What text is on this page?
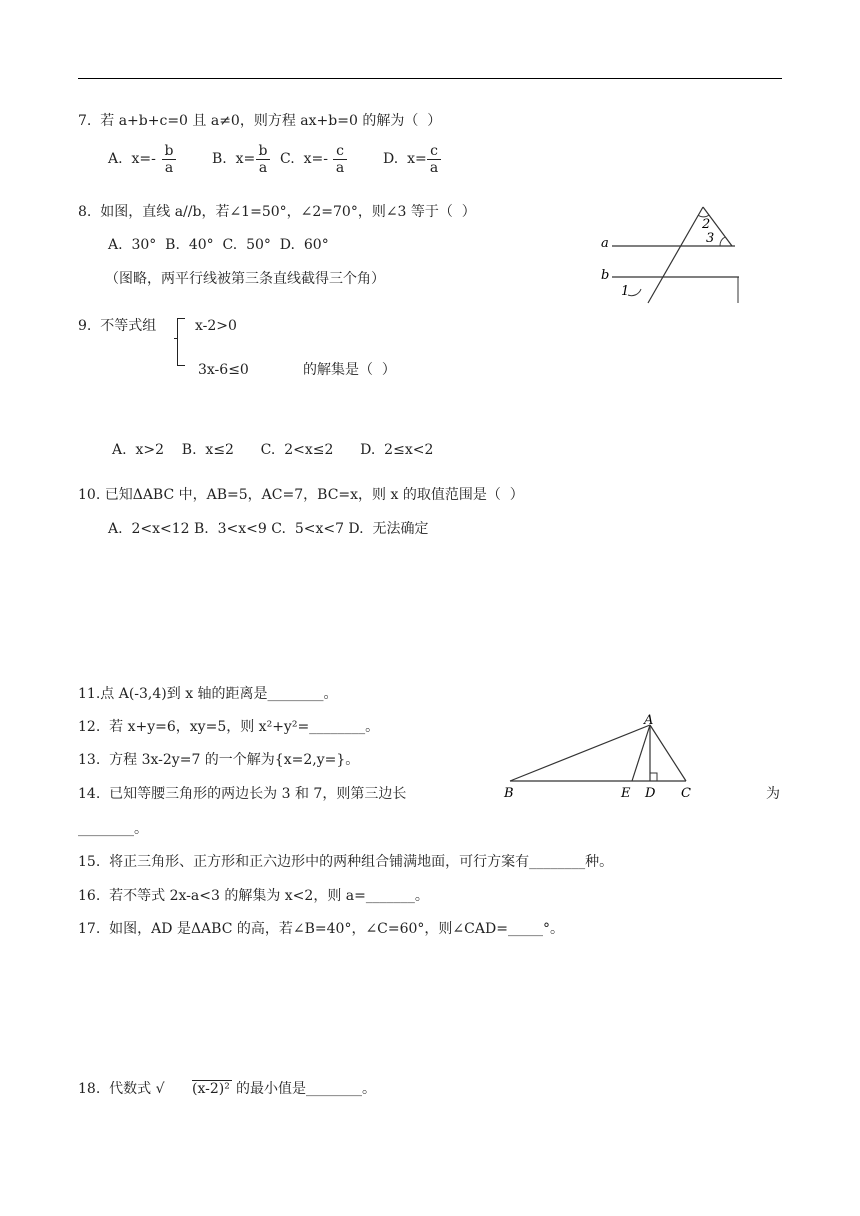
7.  若 a+b+c=0 且 a≠0，则方程 ax+b=0 的解为（  ）
A.  $x=- \frac{b}{a}$	B.  $x= \frac{b}{a} C$.  $x=- \frac{c}{a}$	D.  $x= \frac{c}{a}$
8.  如图，直线 a//b，若∠1=50°，∠2=70°，则∠3 等于（  ）
A.  30°  B.  40°  C.  50°  D.  60°
（图略，两平行线被第三条直线截得三个角）
a
b
1
2
3
9.  不等式组	x-2>0
3x-6≤0	的解集是（  ）
A.  x>2    B.  x≤2      C.  2<x≤2      D.  2≤x<2
10. 已知ΔABC 中，AB=5，AC=7，BC=x，则 x 的取值范围是（  ）
A.  2<x<12 B.  3<x<9 C.  5<x<7 D.  无法确定
11.点 A(-3,4)到 x 轴的距离是________。
12.  若 x+y=6，xy=5，则 x²+y²=________。
13.  方程 3x-2y=7 的一个解为{x=2,y=}。
14.  已知等腰三角形的两边长为 3 和 7，则第三边长	为
________。
A
B	E D C
15.  将正三角形、正方形和正六边形中的两种组合铺满地面，可行方案有________种。
16.  若不等式 2x-a<3 的解集为 x<2，则 a=_______。
17.  如图，AD 是ΔABC 的高，若∠B=40°，∠C=60°，则∠CAD=_____°。
18.  代数式 √ (x-2)² 的最小值是________。
